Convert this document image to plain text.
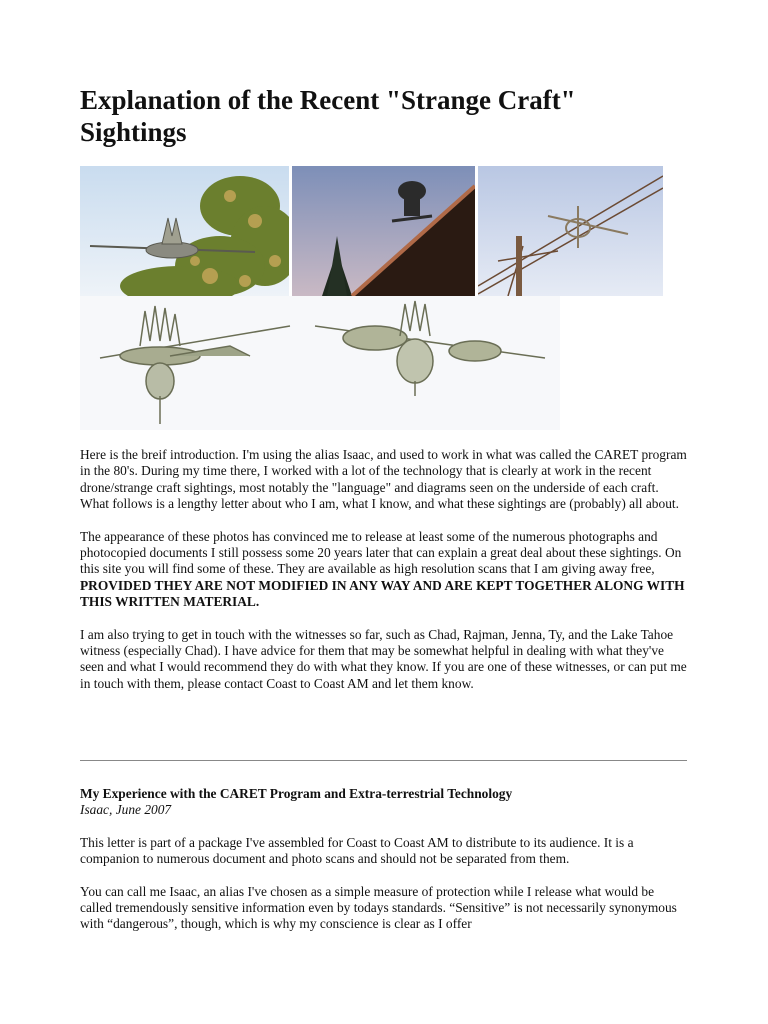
Explanation of the Recent "Strange Craft" Sightings

Here is the breif introduction. I'm using the alias Isaac, and used to work in what was called the CARET program in the 80's. During my time there, I worked with a lot of the technology that is clearly at work in the recent drone/strange craft sightings, most notably the "language" and diagrams seen on the underside of each craft. What follows is a lengthy letter about who I am, what I know, and what these sightings are (probably) all about.

The appearance of these photos has convinced me to release at least some of the numerous photographs and photocopied documents I still possess some 20 years later that can explain a great deal about these sightings. On this site you will find some of these. They are available as high resolution scans that I am giving away free, PROVIDED THEY ARE NOT MODIFIED IN ANY WAY AND ARE KEPT TOGETHER ALONG WITH THIS WRITTEN MATERIAL.

I am also trying to get in touch with the witnesses so far, such as Chad, Rajman, Jenna, Ty, and the Lake Tahoe witness (especially Chad). I have advice for them that may be somewhat helpful in dealing with what they've seen and what I would recommend they do with what they know. If you are one of these witnesses, or can put me in touch with them, please contact Coast to Coast AM and let them know.

My Experience with the CARET Program and Extra-terrestrial Technology

Isaac, June 2007

This letter is part of a package I've assembled for Coast to Coast AM to distribute to its audience. It is a companion to numerous document and photo scans and should not be separated from them.

You can call me Isaac, an alias I've chosen as a simple measure of protection while I release what would be called tremendously sensitive information even by todays standards. “Sensitive” is not necessarily synonymous with “dangerous”, though, which is why my conscience is clear as I offer
